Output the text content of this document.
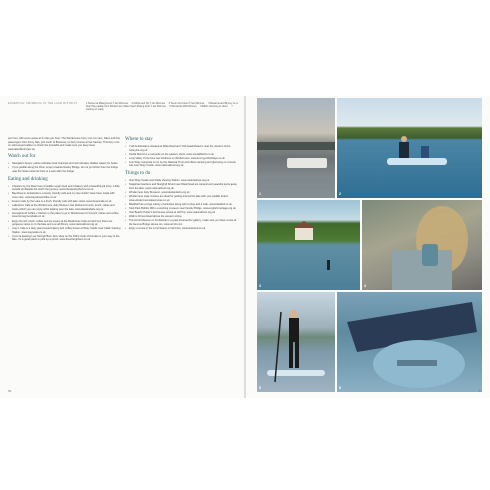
ESSENTIAL SWIMMING IN THE LAKE DISTRICT	1 Sunset at Millerground © Ian Mcinnes 2 Dubbs and Tip © Ian Mcinnes 3 Tea in the Forest © Ian Mcinnes 4 Rosanna and Bryony on a Stop Day paddle from Windermere Water Sport Racing Club © Ian Mcinnes 5 Wonderful Wild Women 6 Baths returning to shore 7 Getting on ready

per hour, with some areas at 6 miles per hour. The Windermere Ferry can run cars, bikes and foot passengers from Ferry Nab, just south of Bowness, to Ferry House at Far Sawrey. This ferry runs on submerged cables so check the timetable and make sure you keep clear. www.lakedistrict.gov.uk

Watch out for
• Navigation buoys: yellow indicates boat channels and red indicates shallow waters for boats.
• If you paddle along the River Leven towards Newby Bridge, do not go further than the bridge near the Swan Hotel as there is a weir after the bridge.
Eating and drinking
• Chesters by the River has incredible vegan food and a bakery with a beautiful gift shop. A little outside Ambleside but worth the journey. www.chestersbytheriver.co.uk
• Baysbrew in Ambleside is a lovely, friendly cafe and my tea couldn't have been made with more care. www.baysbrewcoffee.co.uk
• Fresco Cafe by the Lake is a fresh, friendly cafe with lake views. www.frescocafe.co.uk
• Lakeshore Cafe at the Windermere Jetty Museum has delicious brunch, lunch, cakes and treats which you can enjoy while looking over the lake. www.lakelandarts.org.uk
• Homeground Coffee + Kitchen is the place to go in Windermere for brunch, bakes and coffee. www.homegroundcafe.co.uk
• Enjoy brunch, lunch, coffee and ice cream at the Boathouse Cafe at Fell Foot; there are gorgeous views on to the lake and a small library. www.nationaltrust.org.uk
• Joey's Cafe is a tasty plant-based bakery and coffee house at Wray Castle near Claife Viewing Station. www.joeyscafe.co.uk
• If you're passing Low Sizergh Barn farm shop on the A591 south of Kendal on your way to the lake, it's a good place to pick up a picnic. www.lowsizerghbarn.co.uk
Where to stay
• YHA Ambleside is situated at Waterhead and YHA Hawkshead is near the western shore. www.yha.org.uk
• Social District is a campsite on the eastern shore. www.socialdistrict.co.uk
• Long Valley Yurts have two locations on Windermere. www.luxuryyurtholidays.co.uk
• Low Wray Campsite is run by the National Trust and offers camping and glamping on a lovely site near Wray Castle. www.nationaltrust.org.uk
Things to do
• Visit Wray Castle and Claife Viewing Station. www.nationaltrust.org.uk
• Stagshaw Gardens and Skelghyll Wood near Waterhead are tranquil and peaceful spots away from the lake. www.nationaltrust.org.uk
• Windermere Jetty Museum. www.lakelandarts.org.uk
• Windermere Lake Cruises are ideal for getting around the lake with your paddle board. www.windermere-lakecruises.co.uk
• Blackfell has a huge variety of activities along with a shop and a cafe. www.blackfell.co.uk
• Stott Park Bobbin Mill is a working museum near Newby Bridge. www.english-heritage.org.uk
• Visit Beatrix Potter's farmhouse retreat at Hill Top. www.nationaltrust.org.uk
• Walk to Orrest Head above the western shore.
• The Armitt Museum in Ambleside is a great local-author gallery; make sure you have a look at the famous Bridge House too. www.armitt.com
• Enjoy a cruise in the Lo'al Swans in Fell Foot. www.lowwood.co.uk
56
1	2
3	4
5	6
57
